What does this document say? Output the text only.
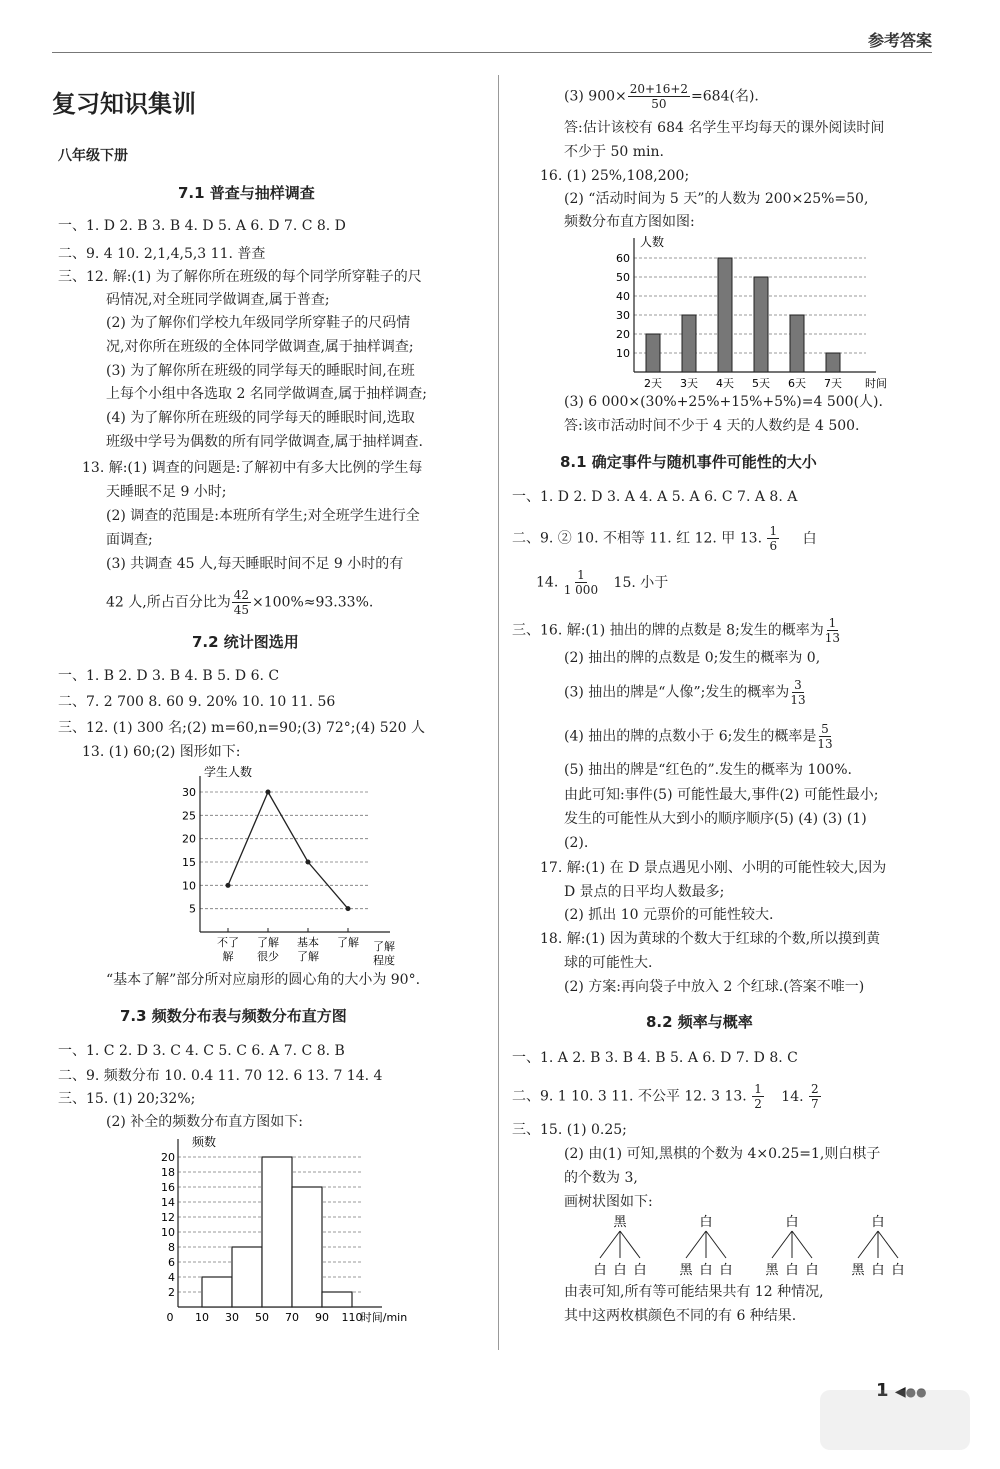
参考答案
复习知识集训
八年级下册
7.1 普查与抽样调查
一、1. D 2. B 3. B 4. D 5. A 6. D 7. C 8. D
二、9. 4 10. 2,1,4,5,3 11. 普查
三、12. 解:(1) 为了解你所在班级的每个同学所穿鞋子的尺
码情况,对全班同学做调查,属于普查;
(2) 为了解你们学校九年级同学所穿鞋子的尺码情
况,对你所在班级的全体同学做调查,属于抽样调查;
(3) 为了解你所在班级的同学每天的睡眠时间,在班
上每个小组中各选取 2 名同学做调查,属于抽样调查;
(4) 为了解你所在班级的同学每天的睡眠时间,选取
班级中学号为偶数的所有同学做调查,属于抽样调查.
13. 解:(1) 调查的问题是:了解初中有多大比例的学生每
天睡眠不足 9 小时;
(2) 调查的范围是:本班所有学生;对全班学生进行全
面调查;
(3) 共调查 45 人,每天睡眠时间不足 9 小时的有
42 人,所占百分比为 $\frac{42}{45} \times 100\%\approx 93.33\%$.
7.2 统计图选用
一、1. B 2. D 3. B 4. B 5. D 6. C
二、7. 2 700 8. 60 9. 20% 10. 10 11. 56
三、12. (1) 300 名;(2) m=60,n=90;(3) 72°;(4) 520 人
13. (1) 60;(2) 图形如下:
5
10
15
20
25
30
学生人数
不了
解
了解
很少
基本
了解
了解 了解
程度
“基本了解”部分所对应扇形的圆心角的大小为 90°.
7.3 频数分布表与频数分布直方图
一、1. C 2. D 3. C 4. C 5. C 6. A 7. C 8. B
二、9. 频数分布 10. 0.4 11. 70 12. 6 13. 7 14. 4
三、15. (1) 20;32%;
(2) 补全的频数分布直方图如下:
2
4
6
8
10
12
14
16
18
20
频数
0 10 30 50 70 90 110
时间/min
(3) $900\times \frac{20+16+2}{50} =684$(名).
答:估计该校有 684 名学生平均每天的课外阅读时间
不少于 50 min.
16. (1) 25%,108,200;
(2) “活动时间为 5 天”的人数为 200×25%=50,
频数分布直方图如图:
10
20
30
40
50
60
人数
2天 3天 4天 5天 6天 7天 时间
(3) 6 000×(30%+25%+15%+5%)=4 500(人).
答:该市活动时间不少于 4 天的人数约是 4 500.
8.1 确定事件与随机事件可能性的大小
一、1. D 2. D 3. A 4. A 5. A 6. C 7. A 8. A
二、9. ② 10. 不相等 11. 红 12. 甲 13. $\frac{1}{6}$ 白
14. $\frac{1}{1 000} 15$. 小于
三、16. 解:(1) 抽出的牌的点数是 8;发生的概率为 $\frac{1}{13}$
(2) 抽出的牌的点数是 0;发生的概率为 0,
(3) 抽出的牌是“人像”;发生的概率为 $\frac{3}{13}$
(4) 抽出的牌的点数小于 6;发生的概率是 $\frac{5}{13}$
(5) 抽出的牌是“红色的”.发生的概率为 100%.
由此可知:事件(5) 可能性最大,事件(2) 可能性最小;
发生的可能性从大到小的顺序顺序(5) (4) (3) (1)
(2).
17. 解:(1) 在 D 景点遇见小刚、小明的可能性较大,因为
D 景点的日平均人数最多;
(2) 抓出 10 元票价的可能性较大.
18. 解:(1) 因为黄球的个数大于红球的个数,所以摸到黄
球的可能性大.
(2) 方案:再向袋子中放入 2 个红球.(答案不唯一)
8.2 频率与概率
一、1. A 2. B 3. B 4. B 5. A 6. D 7. D 8. C
二、9. 1 10. 3 11. 不公平 12. 3 13. $\frac{1}{2} 14$. $\frac{2}{7}$
三、15. (1) 0.25;
(2) 由(1) 可知,黑棋的个数为 4×0.25=1,则白棋子
的个数为 3,
画树状图如下:
黑
白 白 白
白
黑 白 白
白
黑 白 白
白
黑 白 白
由表可知,所有等可能结果共有 12 种情况,
其中这两枚棋颜色不同的有 6 种结果.
1 ◀●●
